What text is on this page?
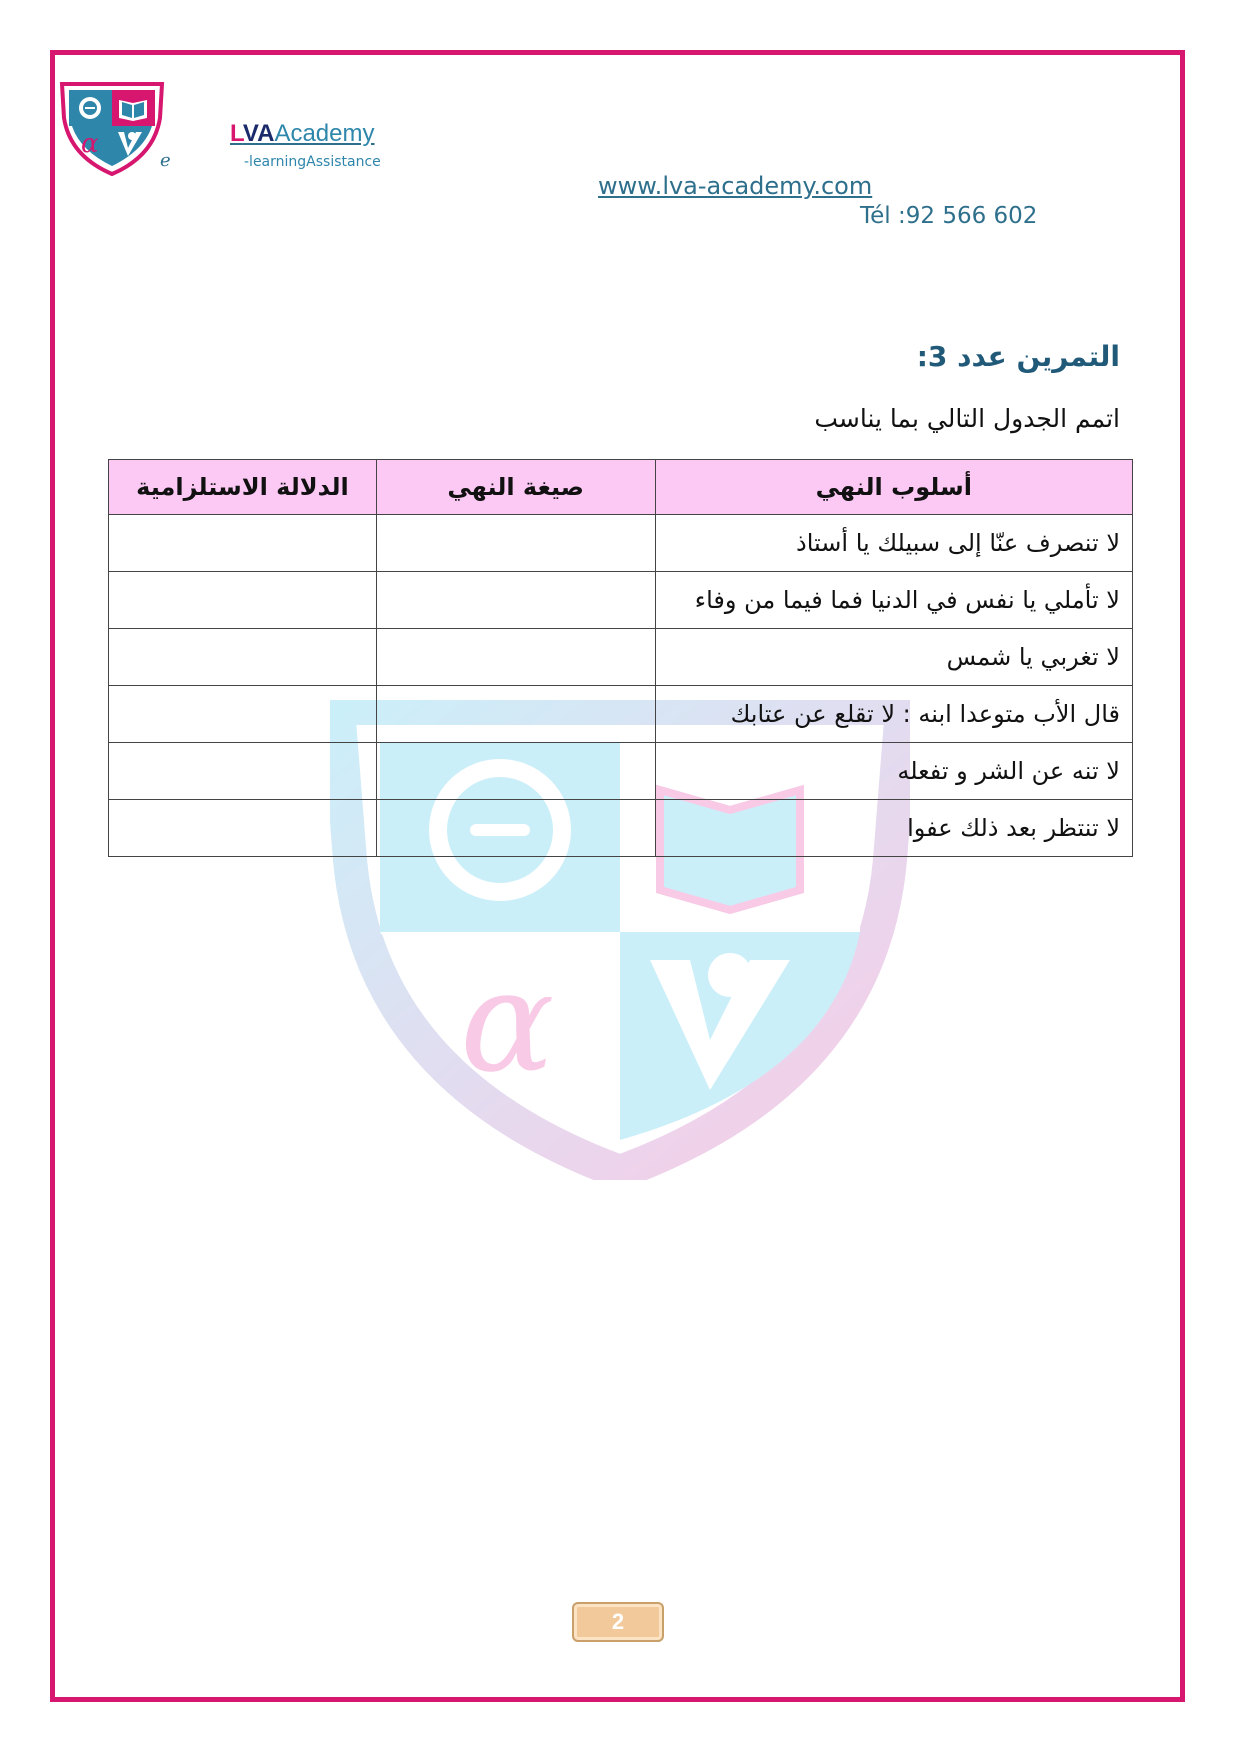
α
e
LVAAcademy
-learningAssistance
www.lva-academy.com
Tél :92 566 602
α
التمرين عدد 3:
اتمم الجدول التالي بما يناسب
أسلوب النهي	صيغة النهي	الدلالة الاستلزامية
لا تنصرف عنّا إلى سبيلك يا أستاذ		
لا تأملي يا نفس في الدنيا فما فيما من وفاء		
لا تغربي يا شمس		
قال الأب متوعدا ابنه : لا تقلع عن عتابك		
لا تنه عن الشر و تفعله		
لا تنتظر بعد ذلك عفوا		
2
